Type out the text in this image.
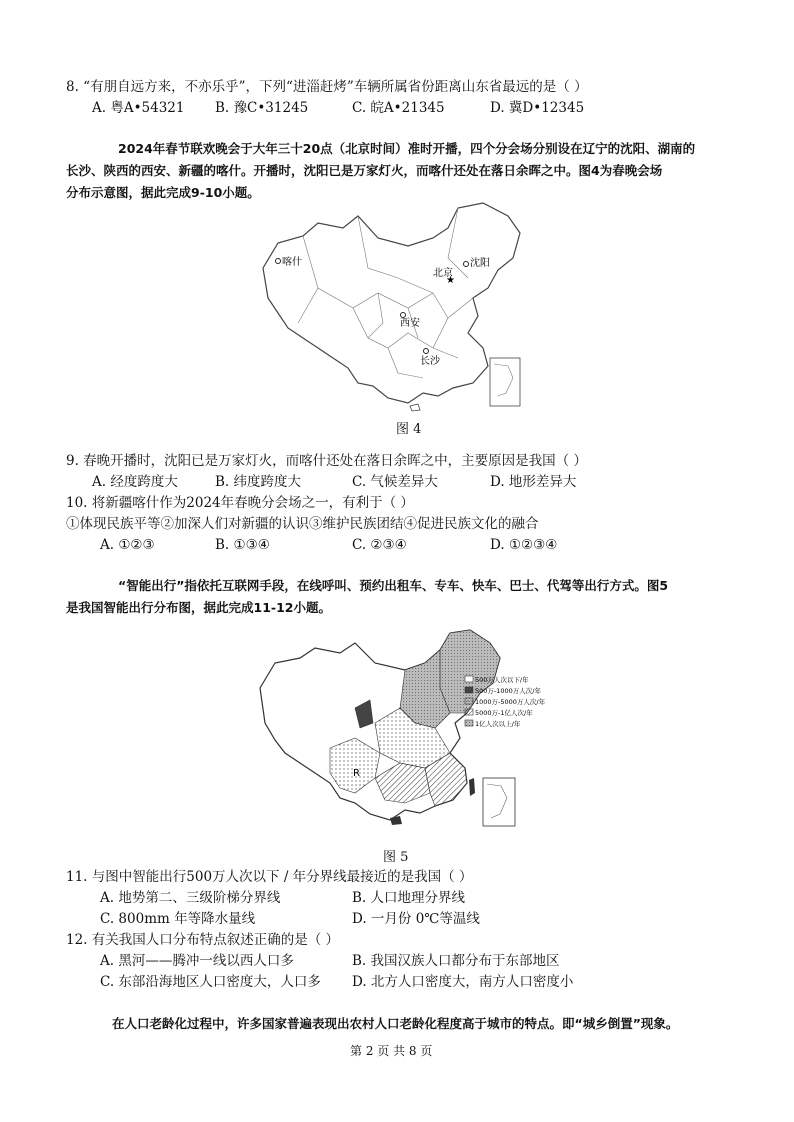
8. “有朋自远方来，不亦乐乎”，下列“进淄赶烤”车辆所属省份距离山东省最远的是（ ）
A. 粤A•54321 B. 豫C•31245	C. 皖A•21345	D. 冀D•12345
2024年春节联欢晚会于大年三十20点（北京时间）准时开播，四个分会场分别设在辽宁的沈阳、湖南的
长沙、陕西的西安、新疆的喀什。开播时，沈阳已是万家灯火，而喀什还处在落日余晖之中。图4为春晚会场
分布示意图，据此完成9-10小题。
喀什
北京
★
沈阳
西安
长沙
图 4
9. 春晚开播时，沈阳已是万家灯火，而喀什还处在落日余晖之中，主要原因是我国（ ）
A. 经度跨度大	B. 纬度跨度大	C. 气候差异大	D. 地形差异大
10. 将新疆喀什作为2024年春晚分会场之一，有利于（ ）
①体现民族平等②加深人们对新疆的认识③维护民族团结④促进民族文化的融合
A. ①②③	B. ①③④	C. ②③④	D. ①②③④
“智能出行”指依托互联网手段，在线呼叫、预约出租车、专车、快车、巴士、代驾等出行方式。图5
是我国智能出行分布图，据此完成11-12小题。
R
500万人次以下/年
500万-1000万人次/年
1000万-5000万人次/年
5000万-1亿人次/年
1亿人次以上/年
图 5
11. 与图中智能出行500万人次以下 / 年分界线最接近的是我国（ ）
A. 地势第二、三级阶梯分界线	B. 人口地理分界线
C. 800mm 年等降水量线	D. 一月份 0℃等温线
12. 有关我国人口分布特点叙述正确的是（ ）
A. 黑河——腾冲一线以西人口多	B. 我国汉族人口都分布于东部地区
C. 东部沿海地区人口密度大，人口多 D. 北方人口密度大，南方人口密度小
在人口老龄化过程中，许多国家普遍表现出农村人口老龄化程度高于城市的特点。即“城乡倒置”现象。
第 2 页 共 8 页
